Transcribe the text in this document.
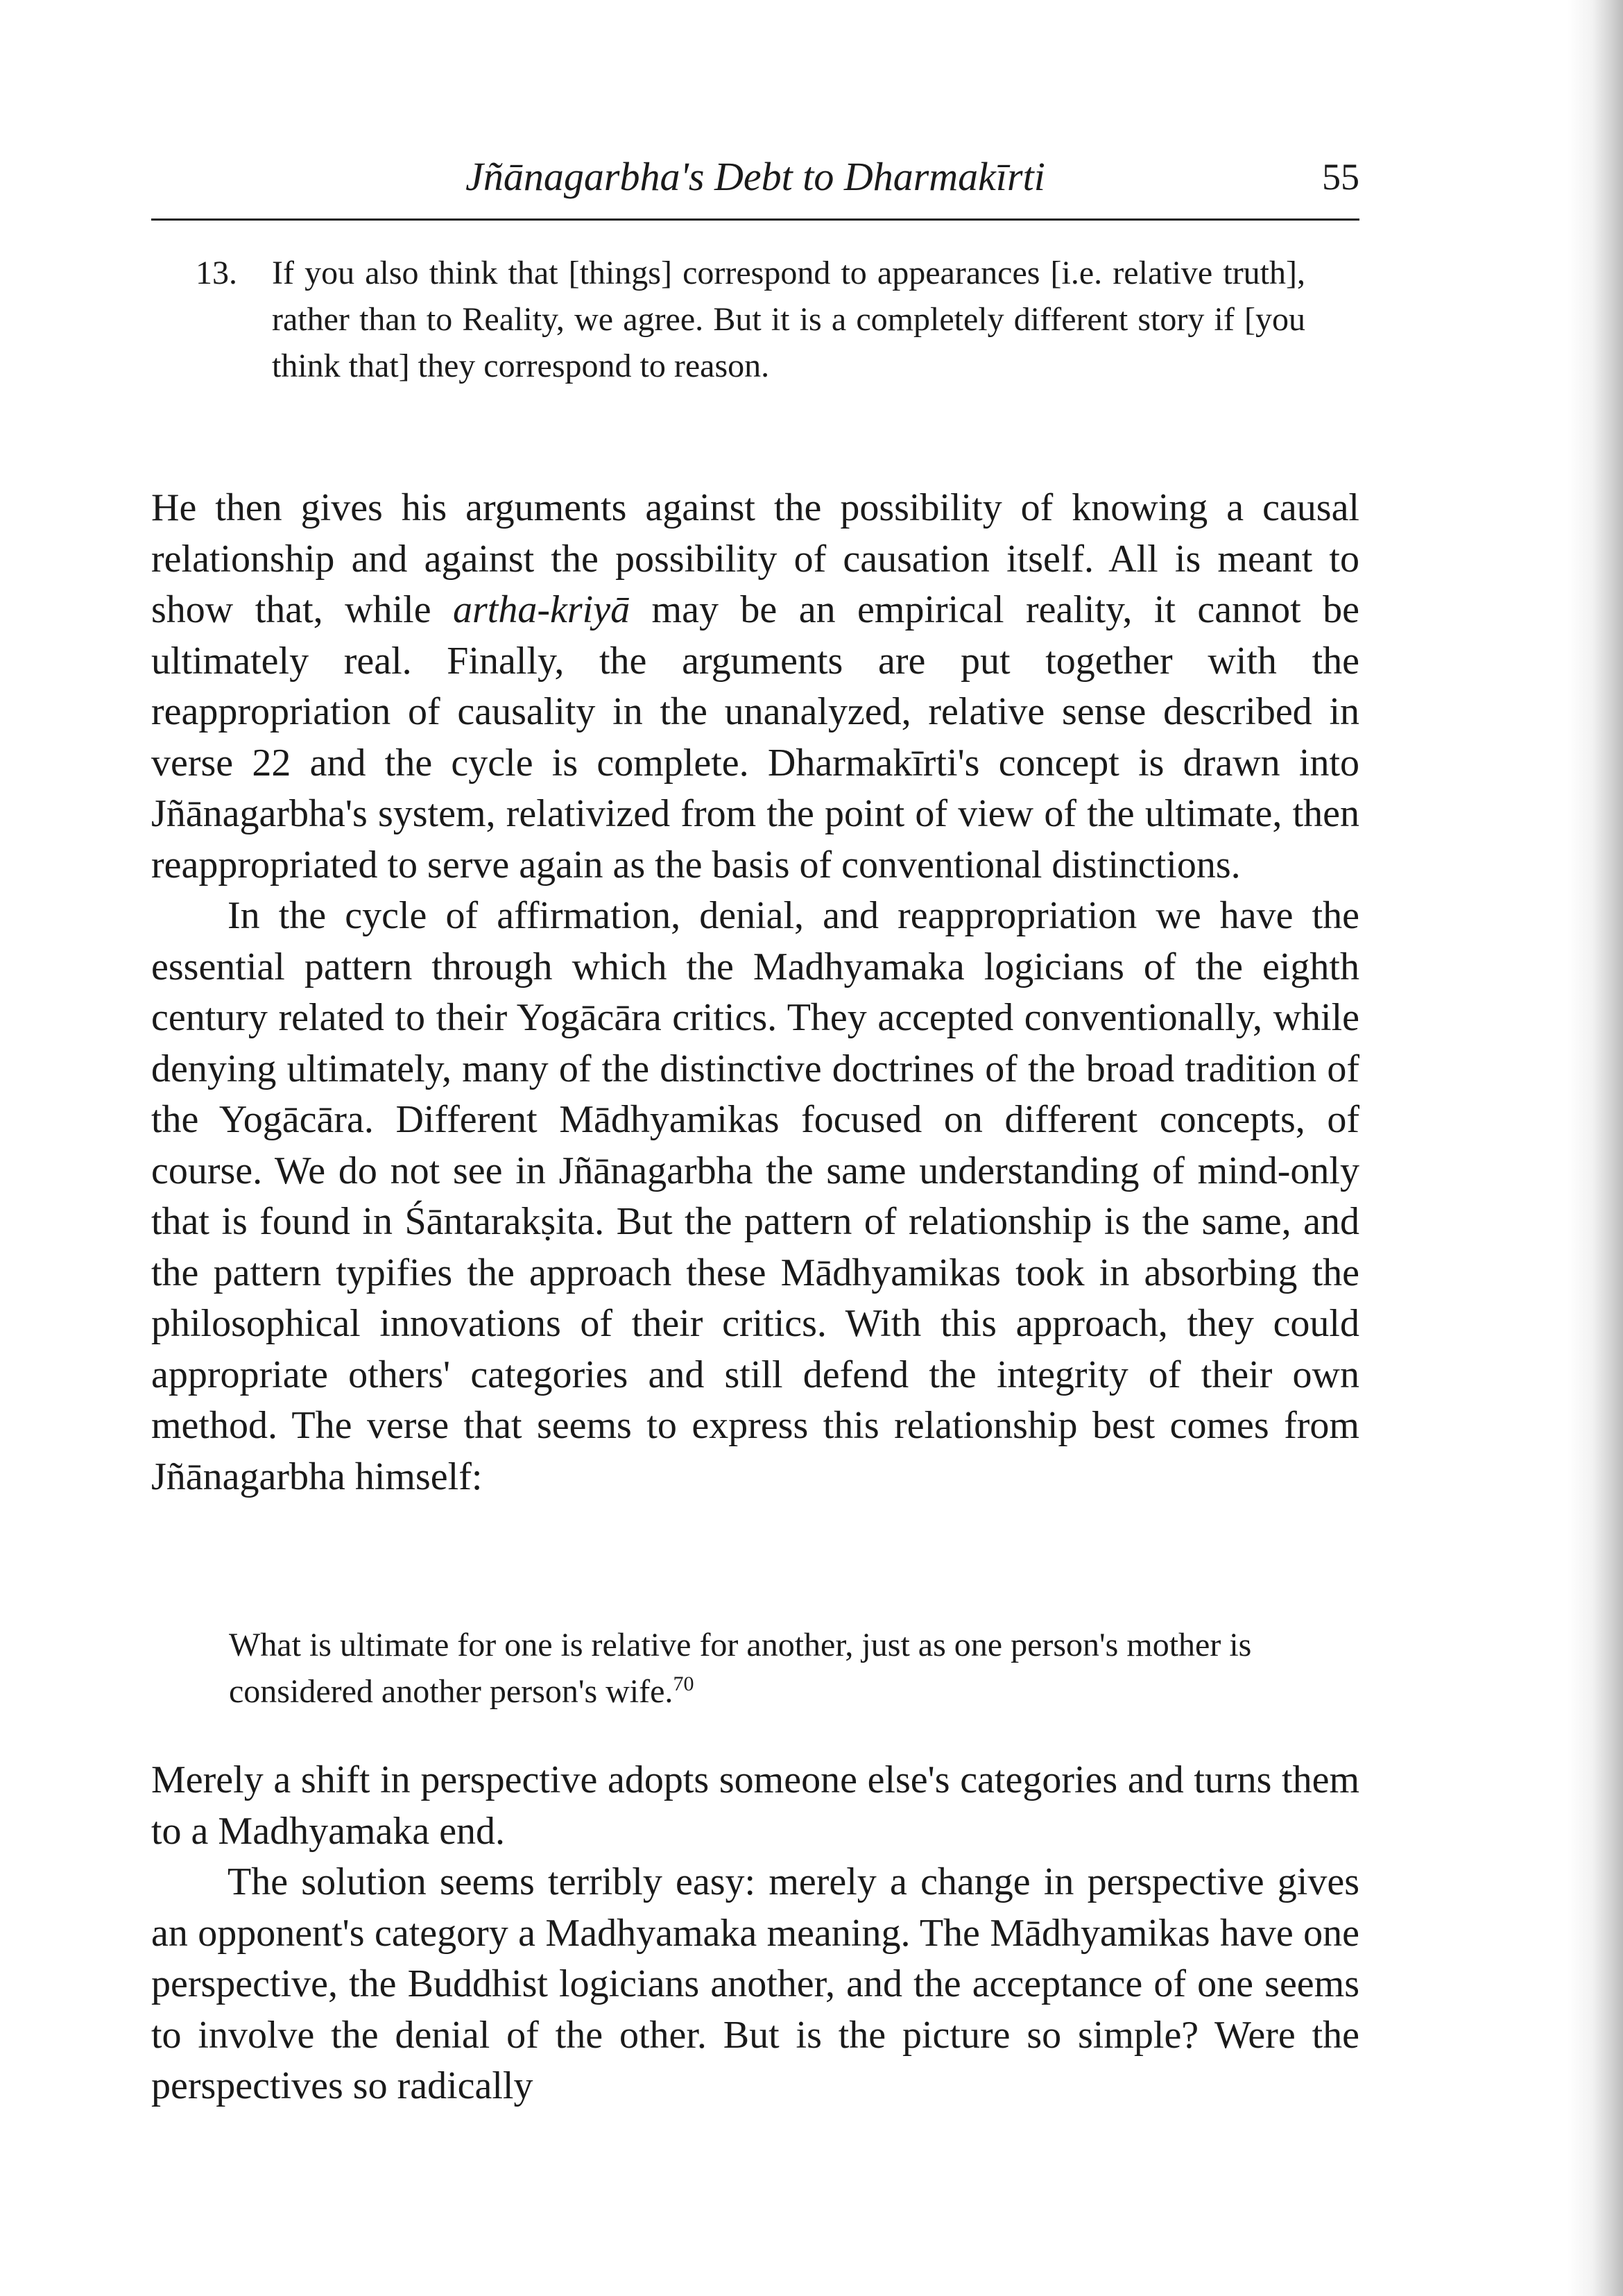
Jñānagarbha's Debt to Dharmakīrti	55
13.	If you also think that [things] correspond to appearances [i.e. relative truth], rather than to Reality, we agree. But it is a completely different story if [you think that] they correspond to reason.

He then gives his arguments against the possibility of knowing a causal relationship and against the possibility of causation itself. All is meant to show that, while artha-kriyā may be an empirical reality, it cannot be ultimately real. Finally, the arguments are put together with the reappropriation of causality in the unanalyzed, relative sense described in verse 22 and the cycle is complete. Dharmakīrti's concept is drawn into Jñānagarbha's system, relativized from the point of view of the ultimate, then reappropriated to serve again as the basis of conventional distinctions.

In the cycle of affirmation, denial, and reappropriation we have the essential pattern through which the Madhyamaka logicians of the eighth century related to their Yogācāra critics. They accepted conventionally, while denying ultimately, many of the distinctive doctrines of the broad tradition of the Yogācāra. Different Mādhyamikas focused on different concepts, of course. We do not see in Jñānagarbha the same understanding of mind-only that is found in Śāntarakṣita. But the pattern of relationship is the same, and the pattern typifies the approach these Mādhyamikas took in absorbing the philosophical innovations of their critics. With this approach, they could appropriate others' categories and still defend the integrity of their own method. The verse that seems to express this relationship best comes from Jñānagarbha himself:

What is ultimate for one is relative for another, just as one person's mother is considered another person's wife.$^{70}$

Merely a shift in perspective adopts someone else's categories and turns them to a Madhyamaka end.

The solution seems terribly easy: merely a change in perspective gives an opponent's category a Madhyamaka meaning. The Mādhyamikas have one perspective, the Buddhist logicians another, and the acceptance of one seems to involve the denial of the other. But is the picture so simple? Were the perspectives so radically
